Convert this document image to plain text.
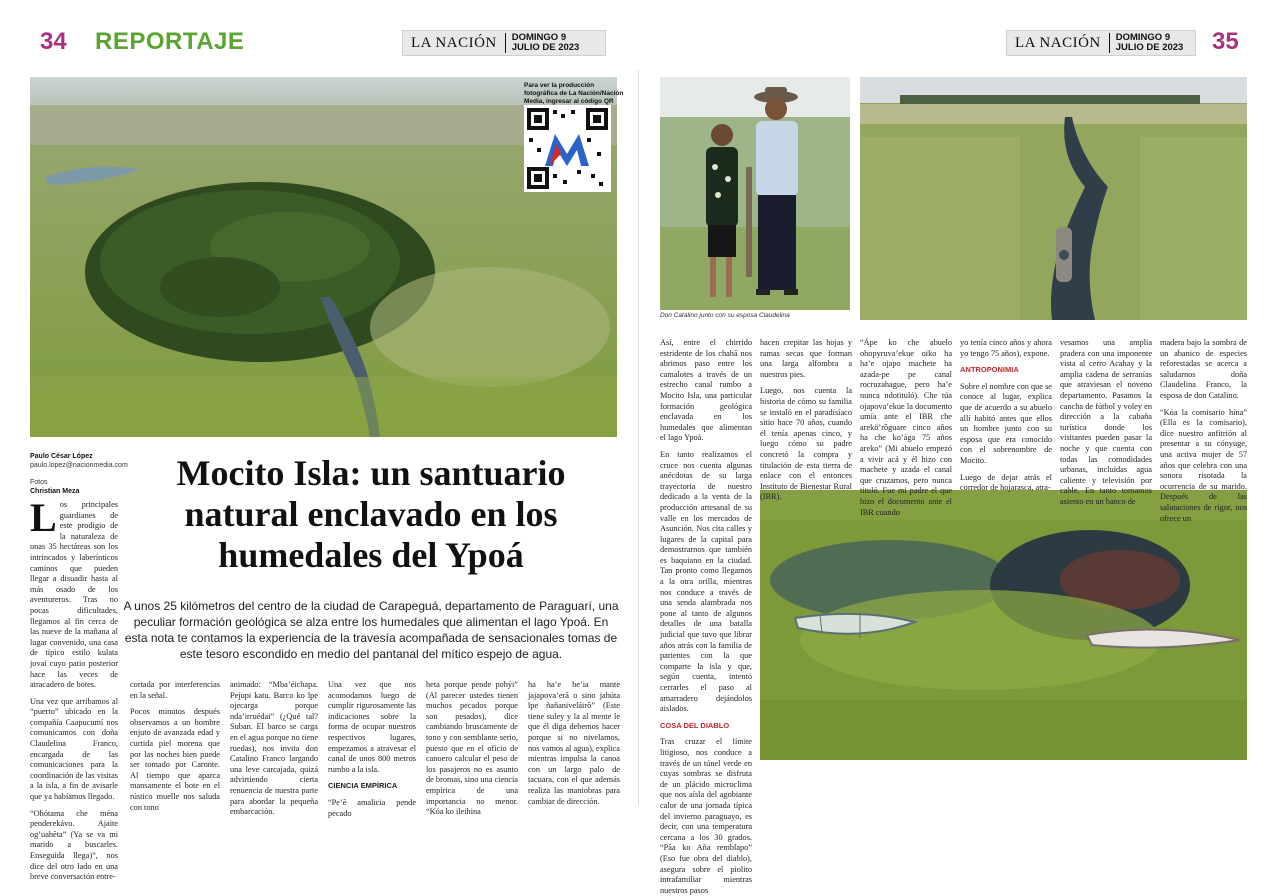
34 REPORTAJE	LA NACIÓN	DOMINGO 9
JULIO DE 2023	LA NACIÓN	DOMINGO 9
JULIO DE 2023 35
Para ver la producción fotográfica de La Nación/Nación Media, ingresar al código QR
Paulo César López
paulo.lopez@nacionmedia.com
Fotos
Christian Meza	Mocito Isla: un santuario natural enclavado en los humedales del Ypoá
A unos 25 kilómetros del centro de la ciudad de Carapeguá, departamento de Paraguarí, una peculiar formación geológica se alza entre los humedales que alimentan el lago Ypoá. En esta nota te contamos la experiencia de la travesía acompañada de sensacionales tomas de este tesoro escondido en medio del pantanal del mítico espejo de agua.

Los principales guardianes de este prodigio de la naturaleza de unas 35 hectáreas son los intrincados y laberínticos caminos que pueden llegar a disuadir hasta al más osado de los aventureros. Tras no pocas dificultades, llegamos al fin cerca de las nueve de la mañana al lugar convenido, una casa de típico estilo kulata jovai cuyo patio posterior hace las veces de atracadero de botes.

Una vez que arribamos al “puerto” ubicado en la compañía Caapucumí nos comunicamos con doña Claudelina Franco, encargada de las comunicaciones para la coordinación de las visitas a la isla, a fin de avisarle que ya habíamos llegado.

“Ohótama che ména penderekávo. Ajaite ogʼuahẽta” (Ya se va mi marido a buscarles. Enseguida llega)”, nos dice del otro lado en una breve conversación entre-

cortada por interferencias en la señal.

Pocos minutos después observamos a un hombre enjuto de avanzada edad y curtida piel morena que por las noches bien puede ser tomado por Caronte. Al tiempo que aparca mansamente el bote en el rústico muelle nos saluda con tono

animado: “Mbaʼéichapa. Pejupi katu. Barco ko ĭpe ojecarga porque ndaʼirruédai” (¿Qué tal? Suban. El barco se carga en el agua porque no tiene ruedas), nos invita don Catalino Franco largando una leve carcajada, quizá advirtiendo cierta renuencia de nuestra parte para abordar la pequeña embarcación.

Una vez que nos acomodamos luego de cumplir rigurosamente las indicaciones sobre la forma de ocupar nuestros respectivos lugares, empezamos a atravesar el canal de unos 800 metros rumbo a la isla.

CIENCIA EMPÍRICA

“Peʼẽ amalicia pende pecado

heta porque pende pohýi” (Al parecer ustedes tienen muchos pecados porque son pesados), dice cambiando bruscamente de tono y con semblante serio, puesto que en el oficio de canoero calcular el peso de los pasajeros no es asunto de bromas, sino una ciencia empírica de una importancia no menor. “Kóa ko ileihina

ha haʼe heʼia mante jajapovaʼerã o sino jahúta ĭpe ñañaniveláirõ” (Este tiene suley y la al mente le que él diga debemos hacer porque si no nivelamos, nos vamos al agua), explica mientras impulsa la canoa con un largo palo de tacuara, con el que además realiza las maniobras para cambiar de dirección.

Don Catalino junto con su esposa Claudelina

Así, entre el chirrido estridente de los chahã nos abrimos paso entre los camalotes a través de un estrecho canal rumbo a Mocito Isla, una particular formación geológica enclavada en los humedales que alimentan el lago Ypoá.

En tanto realizamos el cruce nos cuenta algunas anécdotas de su larga trayectoria de nuestro dedicado a la venta de la producción artesanal de su valle en los mercados de Asunción. Nos cita calles y lugares de la capital para demostrarnos que también es baquiano en la ciudad. Tan pronto como llegamos a la otra orilla, mientras nos conduce a través de una senda alambrada nos pone al tanto de algunos detalles de una batalla judicial que tuvo que librar años atrás con la familia de parientes con la que comparte la isla y que, según cuenta, intentó cerrarles el paso al amarradero dejándolos aislados.

COSA DEL DIABLO

Tras cruzar el límite litigioso, nos conduce a través de un túnel verde en cuyas sombras se disfruta de un plácido microclima que nos aísla del agobiante calor de una jornada típica del invierno paraguayo, es decir, con una temperatura cercana a los 30 grados. “Pãa ko Aña remblapo” (Eso fue obra del diablo), asegura sobre el piolito intrafamiliar mientras nuestros pasos

hacen crepitar las hojas y ramas secas que forman una larga alfombra a nuestros pies.

Luego, nos cuenta la historia de cómo su familia se instaló en el paradisíaco sitio hace 70 años, cuando él tenía apenas cinco, y luego cómo su padre concretó la compra y titulación de esta tierra de enlace con el entonces Instituto de Bienestar Rural (IBR).

“Ápe ko che abuelo ohopyruvaʼekue oiko ha haʼe ojapo machete ha azada-pe pe canal rocruzahague, pero haʼe nunca ndotituló). Che túa ojapovaʼekue la documento umía ante el IBR che areköʼrõguare cinco años ha che koʼága 75 años areko” (Mi abuelo empezó a vivir acá y él hizo con machete y azada el canal que cruzamos, pero nunca tituló. Fue mi padre el que hizo el documento ante el IBR cuando

yo tenía cinco años y ahora yo tengo 75 años), expone.

ANTROPONIMIA

Sobre el nombre con que se conoce al lugar, explica que de acuerdo a su abuelo allí habitó antes que ellos un hombre junto con su esposa que era conocido con el sobrenombre de Mocito.

Luego de dejar atrás el corredor de hojarasca, atra-

vesamos una amplia pradera con una imponente vista al cerro Acahay y la amplia cadena de serranías que atraviesan el noveno departamento. Pasamos la cancha de fútbol y voley en dirección a la cabaña turística donde los visitantes pueden pasar la noche y que cuenta con todas las comodidades urbanas, incluidas agua caliente y televisión por cable. En tanto tomamos asiento en un banco de

madera bajo la sombra de un abanico de especies reforestadas se acerca a saludarnos doña Claudelina Franco, la esposa de don Catalino.

“Kóa la comisario hína” (Ella es la comisario), dice nuestro anfitrión al presentar a su cónyuge, una activa mujer de 57 años que celebra con una sonora risotada la ocurrencia de su marido. Después de las salutaciones de rigor, nos ofrece un
